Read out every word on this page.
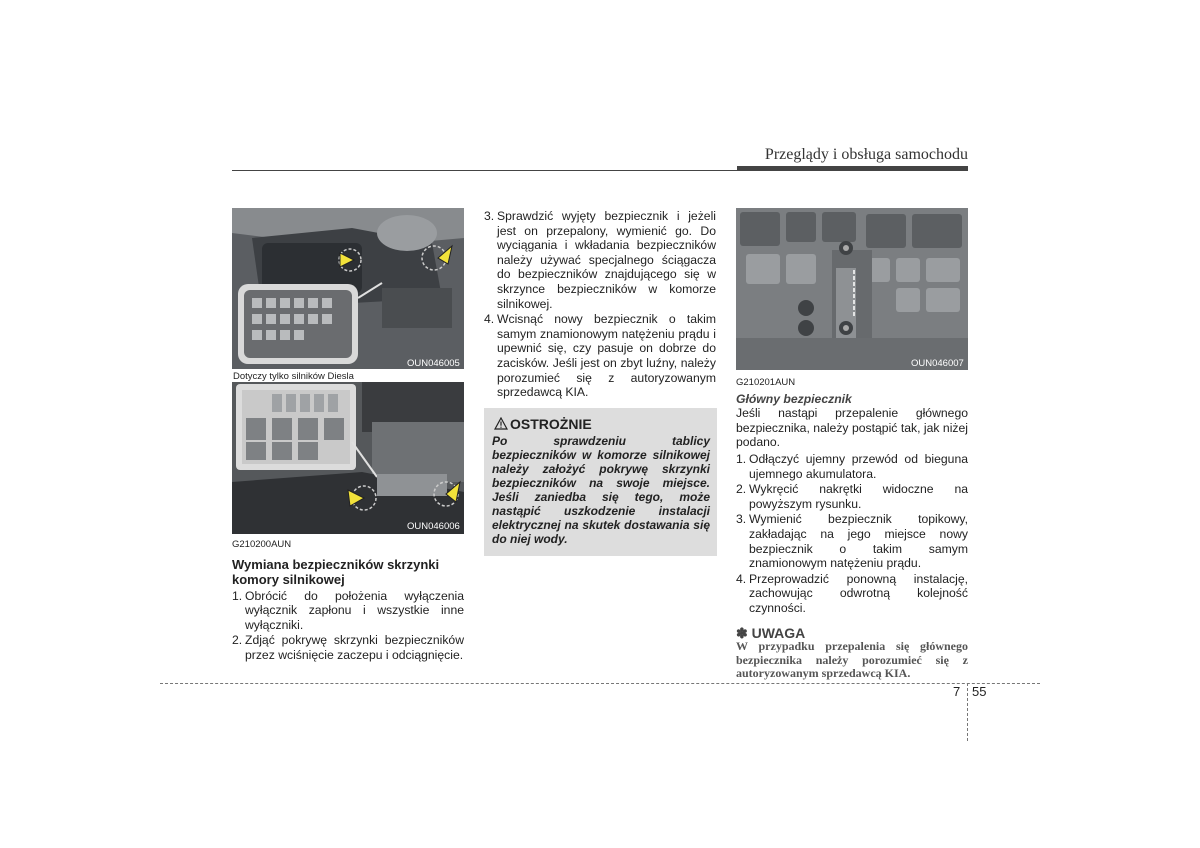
Przeglądy i obsługa samochodu
OUN046005
Dotyczy tylko silników Diesla
OUN046006
G210200AUN
Wymiana bezpieczników skrzynki komory silnikowej
1. Obrócić do położenia wyłączenia wyłącznik zapłonu i wszystkie inne wyłączniki.
2. Zdjąć pokrywę skrzynki bezpieczników przez wciśnięcie zaczepu i odciągnięcie.
3. Sprawdzić wyjęty bezpiecznik i jeżeli jest on przepalony, wymienić go. Do wyciągania i wkładania bezpieczników należy używać specjalnego ściągacza do bezpieczników znajdującego się w skrzynce bezpieczników w komorze silnikowej.
4. Wcisnąć nowy bezpiecznik o takim samym znamionowym natężeniu prądu i upewnić się, czy pasuje on dobrze do zacisków. Jeśli jest on zbyt luźny, należy porozumieć się z autoryzowanym sprzedawcą KIA.
OSTROŻNIE
Po sprawdzeniu tablicy bezpieczników w komorze silnikowej należy założyć pokrywę skrzynki bezpieczników na swoje miejsce. Jeśli zaniedba się tego, może nastąpić uszkodzenie instalacji elektrycznej na skutek dostawania się do niej wody.
OUN046007
G210201AUN
Główny bezpiecznik
Jeśli nastąpi przepalenie głównego bezpiecznika, należy postąpić tak, jak niżej podano.
1. Odłączyć ujemny przewód od bieguna ujemnego akumulatora.
2. Wykręcić nakrętki widoczne na powyższym rysunku.
3. Wymienić bezpiecznik topikowy, zakładając na jego miejsce nowy bezpiecznik o takim samym znamionowym natężeniu prądu.
4. Przeprowadzić ponowną instalację, zachowując odwrotną kolejność czynności.
✽ UWAGA
W przypadku przepalenia się głównego bezpiecznika należy porozumieć się z autoryzowanym sprzedawcą KIA.
7 55
